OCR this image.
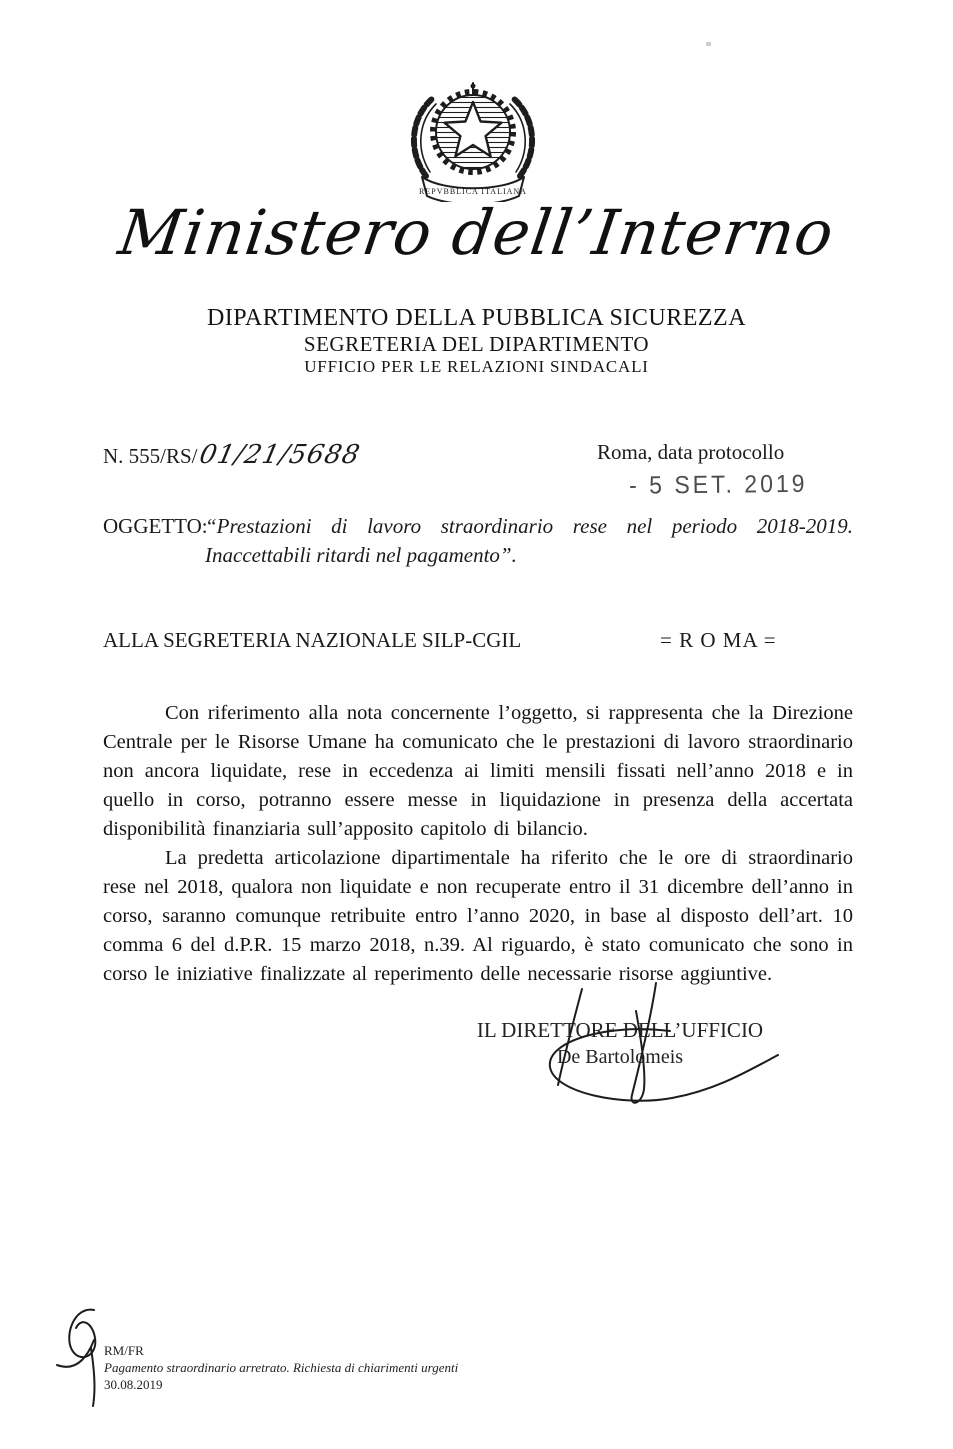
REPVBBLICA ITALIANA
Ministero dell’Interno
DIPARTIMENTO DELLA PUBBLICA SICUREZZA
SEGRETERIA DEL DIPARTIMENTO
UFFICIO PER LE RELAZIONI SINDACALI
N. 555/RS/01/21/5688	Roma, data protocollo
- 5 SET. 2019
OGGETTO:
“Prestazioni di lavoro straordinario rese nel periodo 2018-2019.
Inaccettabili ritardi nel pagamento”.
ALLA SEGRETERIA NAZIONALE SILP-CGIL	= R O MA =

Con riferimento alla nota concernente l’oggetto, si rappresenta che la Direzione Centrale per le Risorse Umane ha comunicato che le prestazioni di lavoro straordinario non ancora liquidate, rese in eccedenza ai limiti mensili fissati nell’anno 2018 e in quello in corso, potranno essere messe in liquidazione in presenza della accertata disponibilità finanziaria sull’apposito capitolo di bilancio.

La predetta articolazione dipartimentale ha riferito che le ore di straordinario rese nel 2018, qualora non liquidate e non recuperate entro il 31 dicembre dell’anno in corso, saranno comunque retribuite entro l’anno 2020, in base al disposto dell’art. 10 comma 6 del d.P.R. 15 marzo 2018, n.39. Al riguardo, è stato comunicato che sono in corso le iniziative finalizzate al reperimento delle necessarie risorse aggiuntive.

IL DIRETTORE DELL’UFFICIO
De Bartolomeis
RM/FR
Pagamento straordinario arretrato. Richiesta di chiarimenti urgenti
30.08.2019
